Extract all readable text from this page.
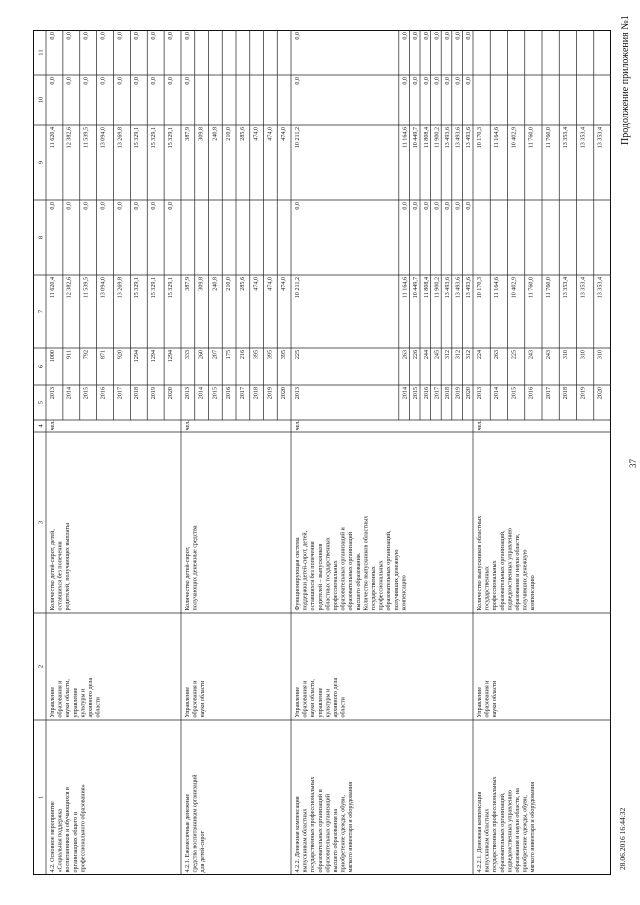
37
Продолжение приложения №1
28.06.2016 16:44:32
1
2
3
4
5
6
7
8
9
10
11
4.2. Основное мероприятие «Социальная поддержка воспитанников и обучающихся в организациях общего и профессионального образования»
Управление образования и науки области, управление культуры и архивного дела области
Количество детей-сирот, детей, оставшихся без попечения родителей, получающих выплаты
чел.
2013
1000
11 620,4
0,0
11 620,4
0,0
0,0
2014
911
12 382,6
0,0
12 382,6
0,0
0,0
2015
792
11 539,5
0,0
11 539,5
0,0
0,0
2016
871
13 094,0
0,0
13 094,0
0,0
0,0
2017
920
13 269,8
0,0
13 269,8
0,0
0,0
2018
1294
15 329,1
0,0
15 329,1
0,0
0,0
2019
1294
15 329,1
0,0
15 329,1
0,0
0,0
2020
1294
15 329,1
0,0
15 329,1
0,0
0,0
4.2.1. Ежемесячные денежные средства воспитанникам организаций для детей-сирот
Управление образования и науки области
Количество детей-сирот, получающих денежные средства
чел.
2013
333
387,9
387,9
0,0
0,0
2014
260
309,8
309,8
2015
207
240,8
240,8
2016
175
210,0
210,0
2017
216
285,6
285,6
2018
395
474,0
474,0
2019
395
474,0
474,0
2020
395
474,0
474,0
4.2.2. Денежная компенсация выпускникам областных государственных профессиональных образовательных организаций и образовательных организаций высшего образования на приобретение одежды, обуви, мягкого инвентаря и оборудования
Управление образования и науки области, управление культуры и архивного дела области
Функционирующая система поддержки детей-сирот, детей, оставшихся без попечения родителей – выпускников областных государственных профессиональных образовательных организаций и образовательных организаций высшего образования. Количество выпускников областных государственных профессиональных образовательных организаций, получивших денежную компенсацию
чел.
2013
225
10 211,2
0,0
10 211,2
0,0
0,0
2014
263
11 164,6
0,0
11 164,6
0,0
0,0
2015
226
10 449,7
0,0
10 449,7
0,0
0,0
2016
244
11 808,4
0,0
11 808,4
0,0
0,0
2017
245
11 900,2
0,0
11 900,2
0,0
0,0
2018
312
13 493,6
0,0
13 493,6
0,0
0,0
2019
312
13 493,6
0,0
13 493,6
0,0
0,0
2020
312
13 493,6
0,0
13 493,6
0,0
0,0
4.2.2.1. Денежная компенсация выпускникам областных государственных профессиональных образовательных организаций, подведомственных управлению образования и науки области, на приобретение одежды, обуви, мягкого инвентаря и оборудования
Управление образования и науки области
Количество выпускников областных государственных профессиональных образовательных организаций, подведомственных управлению образования и науки области, получивших денежную компенсацию
чел.
2013
224
10 170,3
10 170,3
2014
263
11 164,6
11 164,6
2015
225
10 402,9
10 402,9
2016
243
11 760,0
11 760,0
2017
243
11 760,0
11 760,0
2018
310
13 353,4
13 353,4
2019
310
13 353,4
13 353,4
2020
310
13 353,4
13 353,4
